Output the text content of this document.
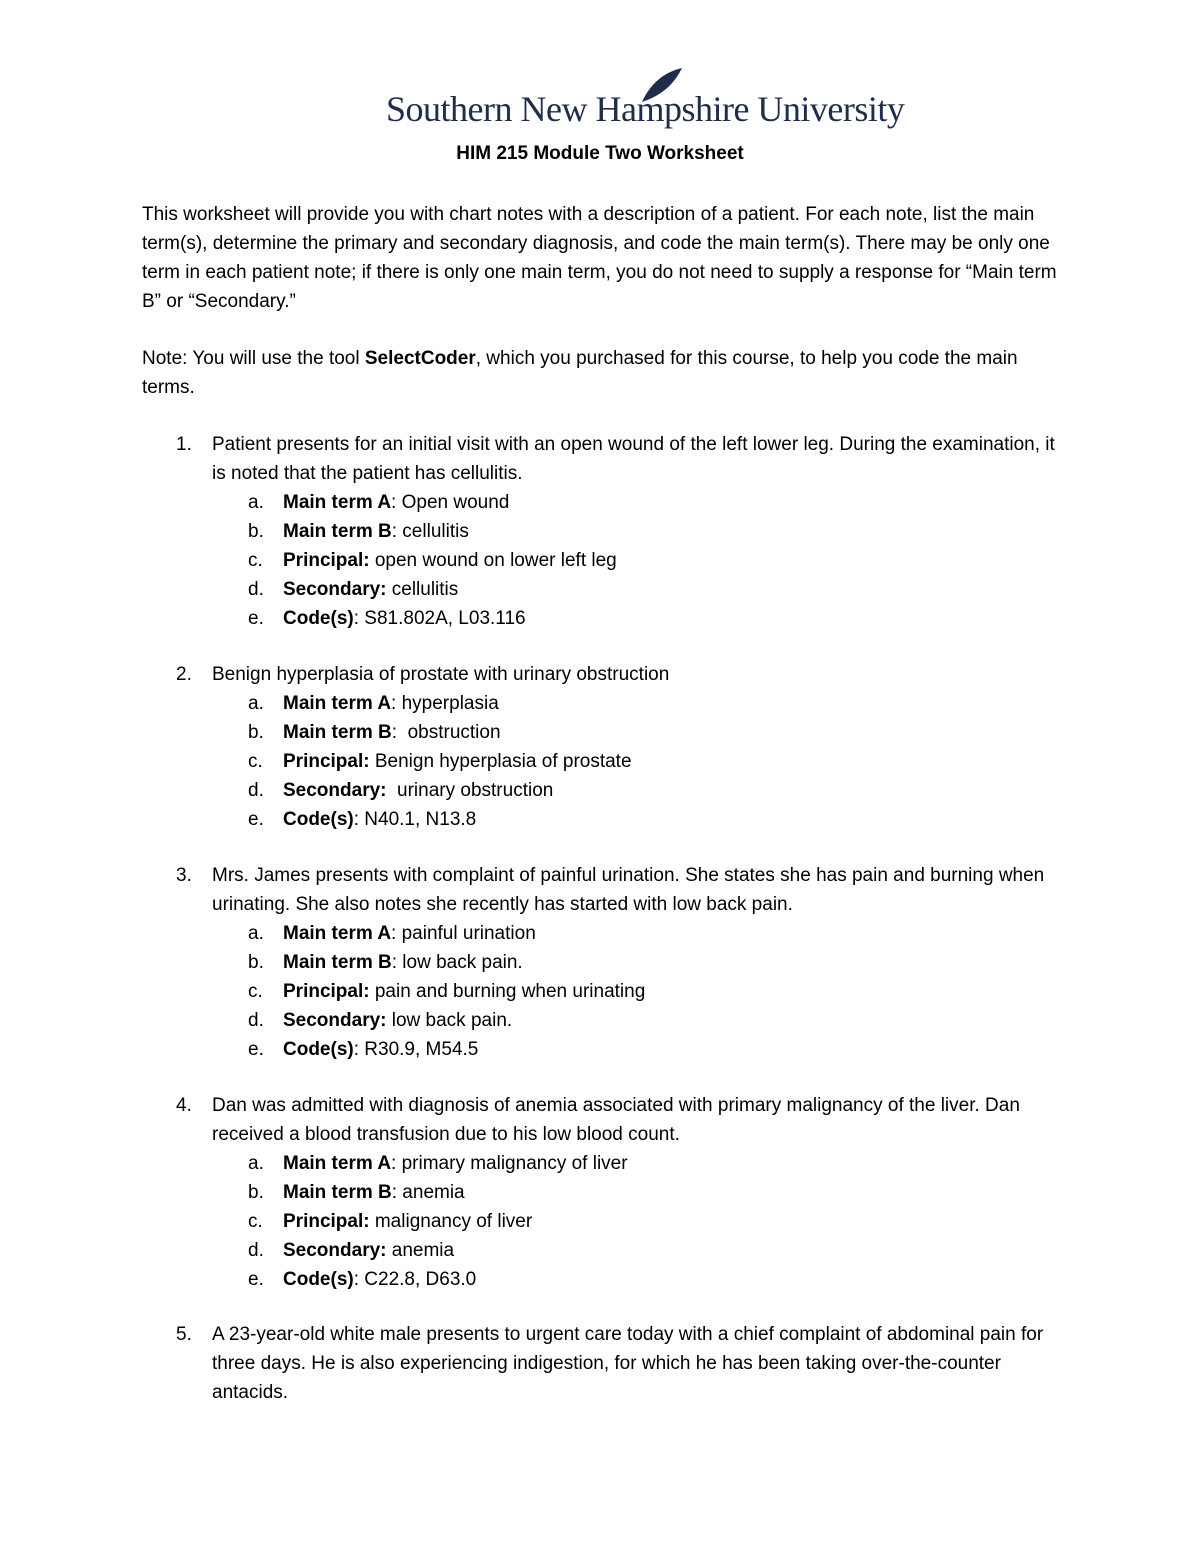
Southern New Hampshire University
HIM 215 Module Two Worksheet
This worksheet will provide you with chart notes with a description of a patient. For each note, list the main term(s), determine the primary and secondary diagnosis, and code the main term(s). There may be only one term in each patient note; if there is only one main term, you do not need to supply a response for “Main term B” or “Secondary.”
Note: You will use the tool SelectCoder, which you purchased for this course, to help you code the main terms.
1. Patient presents for an initial visit with an open wound of the left lower leg. During the examination, it is noted that the patient has cellulitis.
a. Main term A: Open wound
b. Main term B: cellulitis
c. Principal: open wound on lower left leg
d. Secondary: cellulitis
e. Code(s): S81.802A, L03.116
2. Benign hyperplasia of prostate with urinary obstruction
a. Main term A: hyperplasia
b. Main term B:  obstruction
c. Principal: Benign hyperplasia of prostate
d. Secondary:  urinary obstruction
e. Code(s): N40.1, N13.8
3. Mrs. James presents with complaint of painful urination. She states she has pain and burning when urinating. She also notes she recently has started with low back pain.
a. Main term A: painful urination
b. Main term B: low back pain.
c. Principal: pain and burning when urinating
d. Secondary: low back pain.
e. Code(s): R30.9, M54.5
4. Dan was admitted with diagnosis of anemia associated with primary malignancy of the liver. Dan received a blood transfusion due to his low blood count.
a. Main term A: primary malignancy of liver
b. Main term B: anemia
c. Principal: malignancy of liver
d. Secondary: anemia
e. Code(s): C22.8, D63.0
5. A 23-year-old white male presents to urgent care today with a chief complaint of abdominal pain for three days. He is also experiencing indigestion, for which he has been taking over-the-counter antacids.
